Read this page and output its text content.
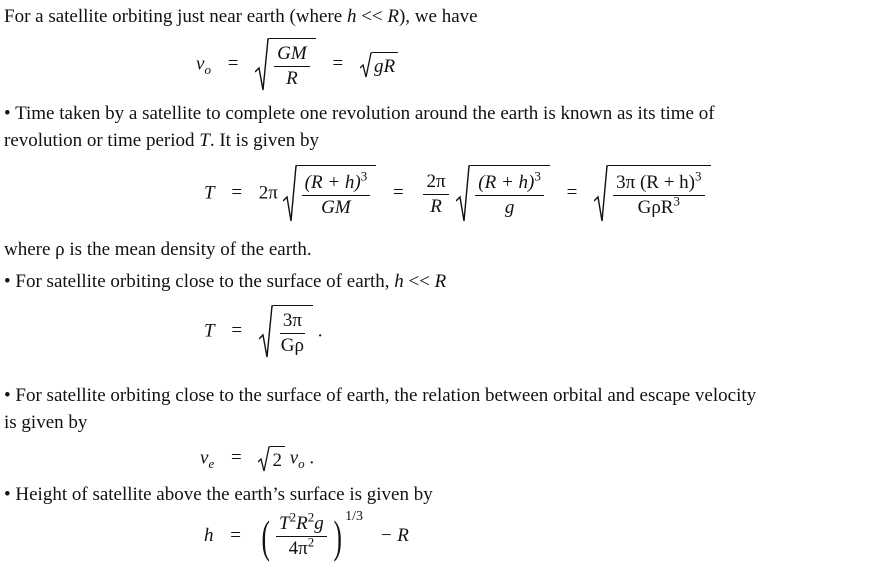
For a satellite orbiting just near earth (where h << R), we have
$v_o = \frac{GM}{R}$ = gR
• Time taken by a satellite to complete one revolution around the earth is known as its time of
revolution or time period T. It is given by
$T = 2\pi \frac{(R + h)^3}{GM} = \frac{2\pi}{R}$
$\frac{(R + h)^3}{g} = \frac{3\pi (R + h)^3}{G\rho R^3}$
where ρ is the mean density of the earth.
• For satellite orbiting close to the surface of earth, h << R
$T = \frac{3\pi}{G\rho}$ .
• For satellite orbiting close to the surface of earth, the relation between orbital and escape velocity
is given by
$v_e = 2$ $v_o$ .
• Height of satellite above the earth’s surface is given by
h = ( $\frac{T^2R^2g}{4\pi^2}$ ) 1/3
− R
